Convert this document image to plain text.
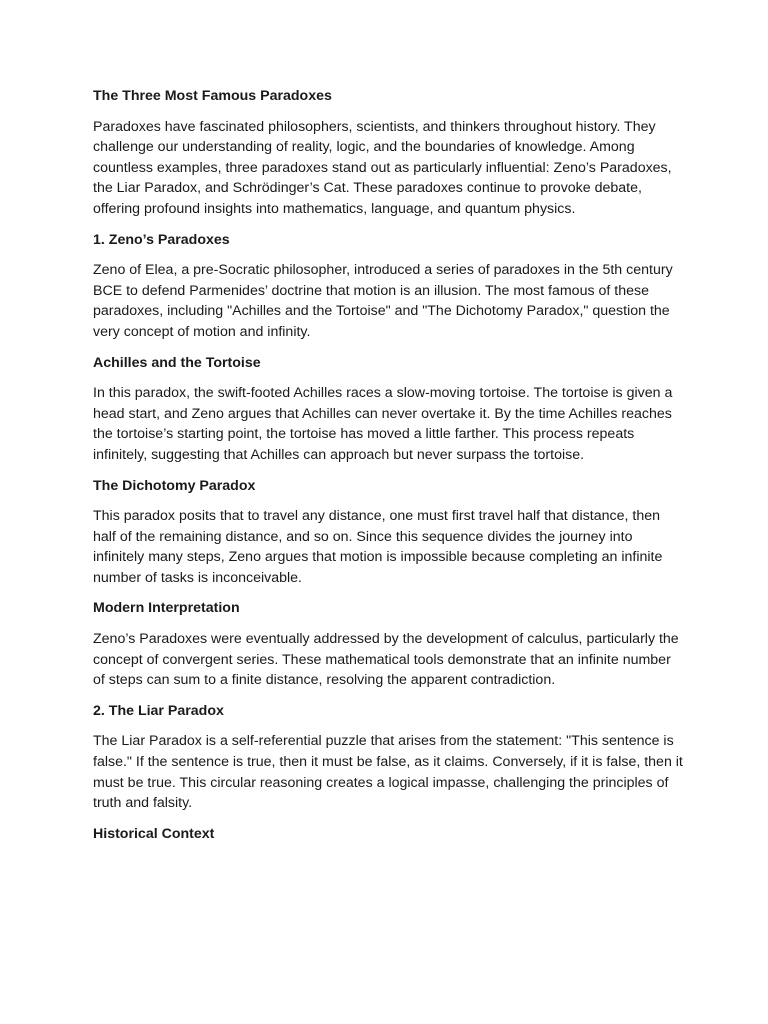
The Three Most Famous Paradoxes

Paradoxes have fascinated philosophers, scientists, and thinkers throughout history. They challenge our understanding of reality, logic, and the boundaries of knowledge. Among countless examples, three paradoxes stand out as particularly influential: Zeno’s Paradoxes, the Liar Paradox, and Schrödinger’s Cat. These paradoxes continue to provoke debate, offering profound insights into mathematics, language, and quantum physics.

1. Zeno’s Paradoxes

Zeno of Elea, a pre-Socratic philosopher, introduced a series of paradoxes in the 5th century BCE to defend Parmenides’ doctrine that motion is an illusion. The most famous of these paradoxes, including "Achilles and the Tortoise" and "The Dichotomy Paradox," question the very concept of motion and infinity.

Achilles and the Tortoise

In this paradox, the swift-footed Achilles races a slow-moving tortoise. The tortoise is given a head start, and Zeno argues that Achilles can never overtake it. By the time Achilles reaches the tortoise’s starting point, the tortoise has moved a little farther. This process repeats infinitely, suggesting that Achilles can approach but never surpass the tortoise.

The Dichotomy Paradox

This paradox posits that to travel any distance, one must first travel half that distance, then half of the remaining distance, and so on. Since this sequence divides the journey into infinitely many steps, Zeno argues that motion is impossible because completing an infinite number of tasks is inconceivable.

Modern Interpretation

Zeno’s Paradoxes were eventually addressed by the development of calculus, particularly the concept of convergent series. These mathematical tools demonstrate that an infinite number of steps can sum to a finite distance, resolving the apparent contradiction.

2. The Liar Paradox

The Liar Paradox is a self-referential puzzle that arises from the statement: "This sentence is false." If the sentence is true, then it must be false, as it claims. Conversely, if it is false, then it must be true. This circular reasoning creates a logical impasse, challenging the principles of truth and falsity.

Historical Context
